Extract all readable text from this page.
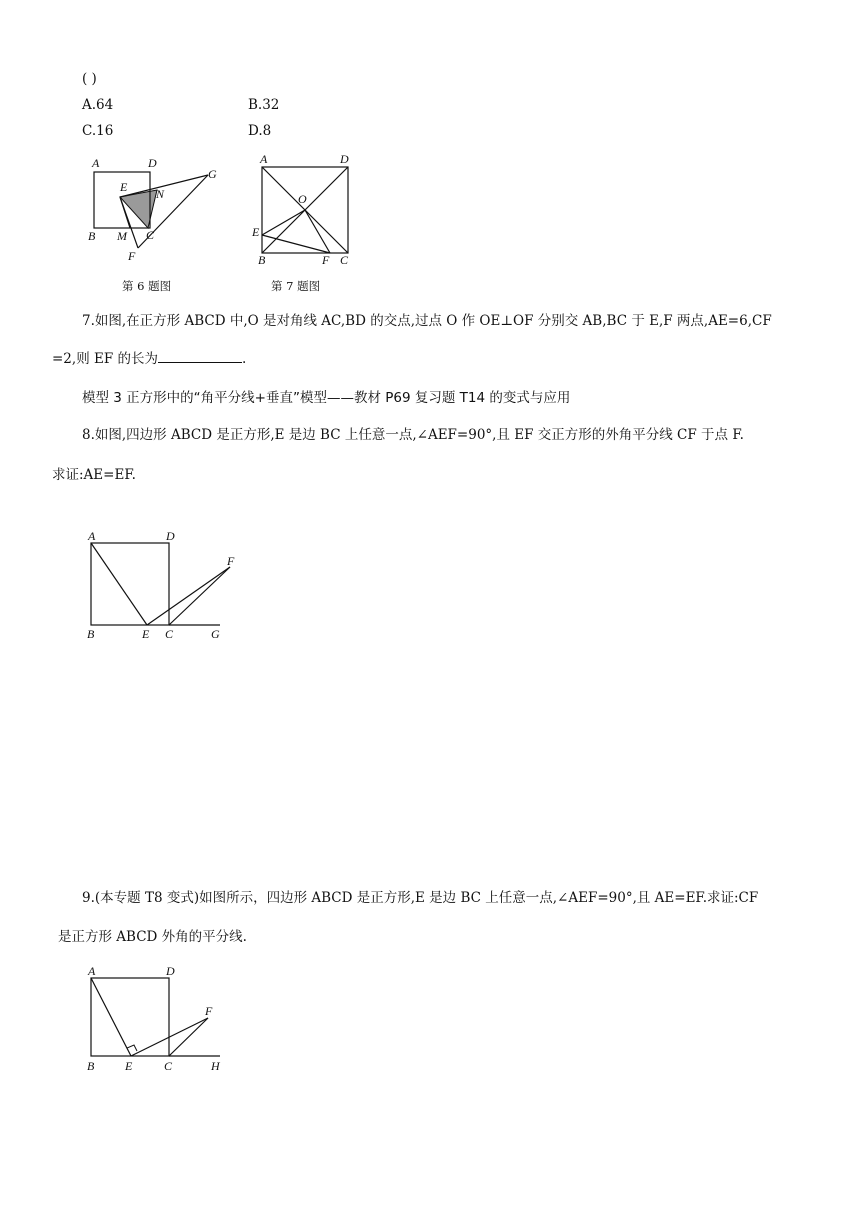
( )
A.64	B.32
C.16	D.8
A	D
G
E N
B M C
F
第 6 题图
A	D
O
E
B	F C
第 7 题图
7.如图,在正方形 ABCD 中,O 是对角线 AC,BD 的交点,过点 O 作 OE⊥OF 分别交 AB,BC 于 E,F 两点,AE=6,CF
=2,则 EF 的长为	.
模型 3 正方形中的“角平分线+垂直”模型——教材 P69 复习题 T14 的变式与应用
8.如图,四边形 ABCD 是正方形,E 是边 BC 上任意一点,∠AEF=90°,且 EF 交正方形的外角平分线 CF 于点 F.
求证:AE=EF.
A	D
F
B	E C	G
9.(本专题 T8 变式)如图所示，四边形 ABCD 是正方形,E 是边 BC 上任意一点,∠AEF=90°,且 AE=EF.求证:CF
是正方形 ABCD 外角的平分线.
A	D
F
B	E	C	H
